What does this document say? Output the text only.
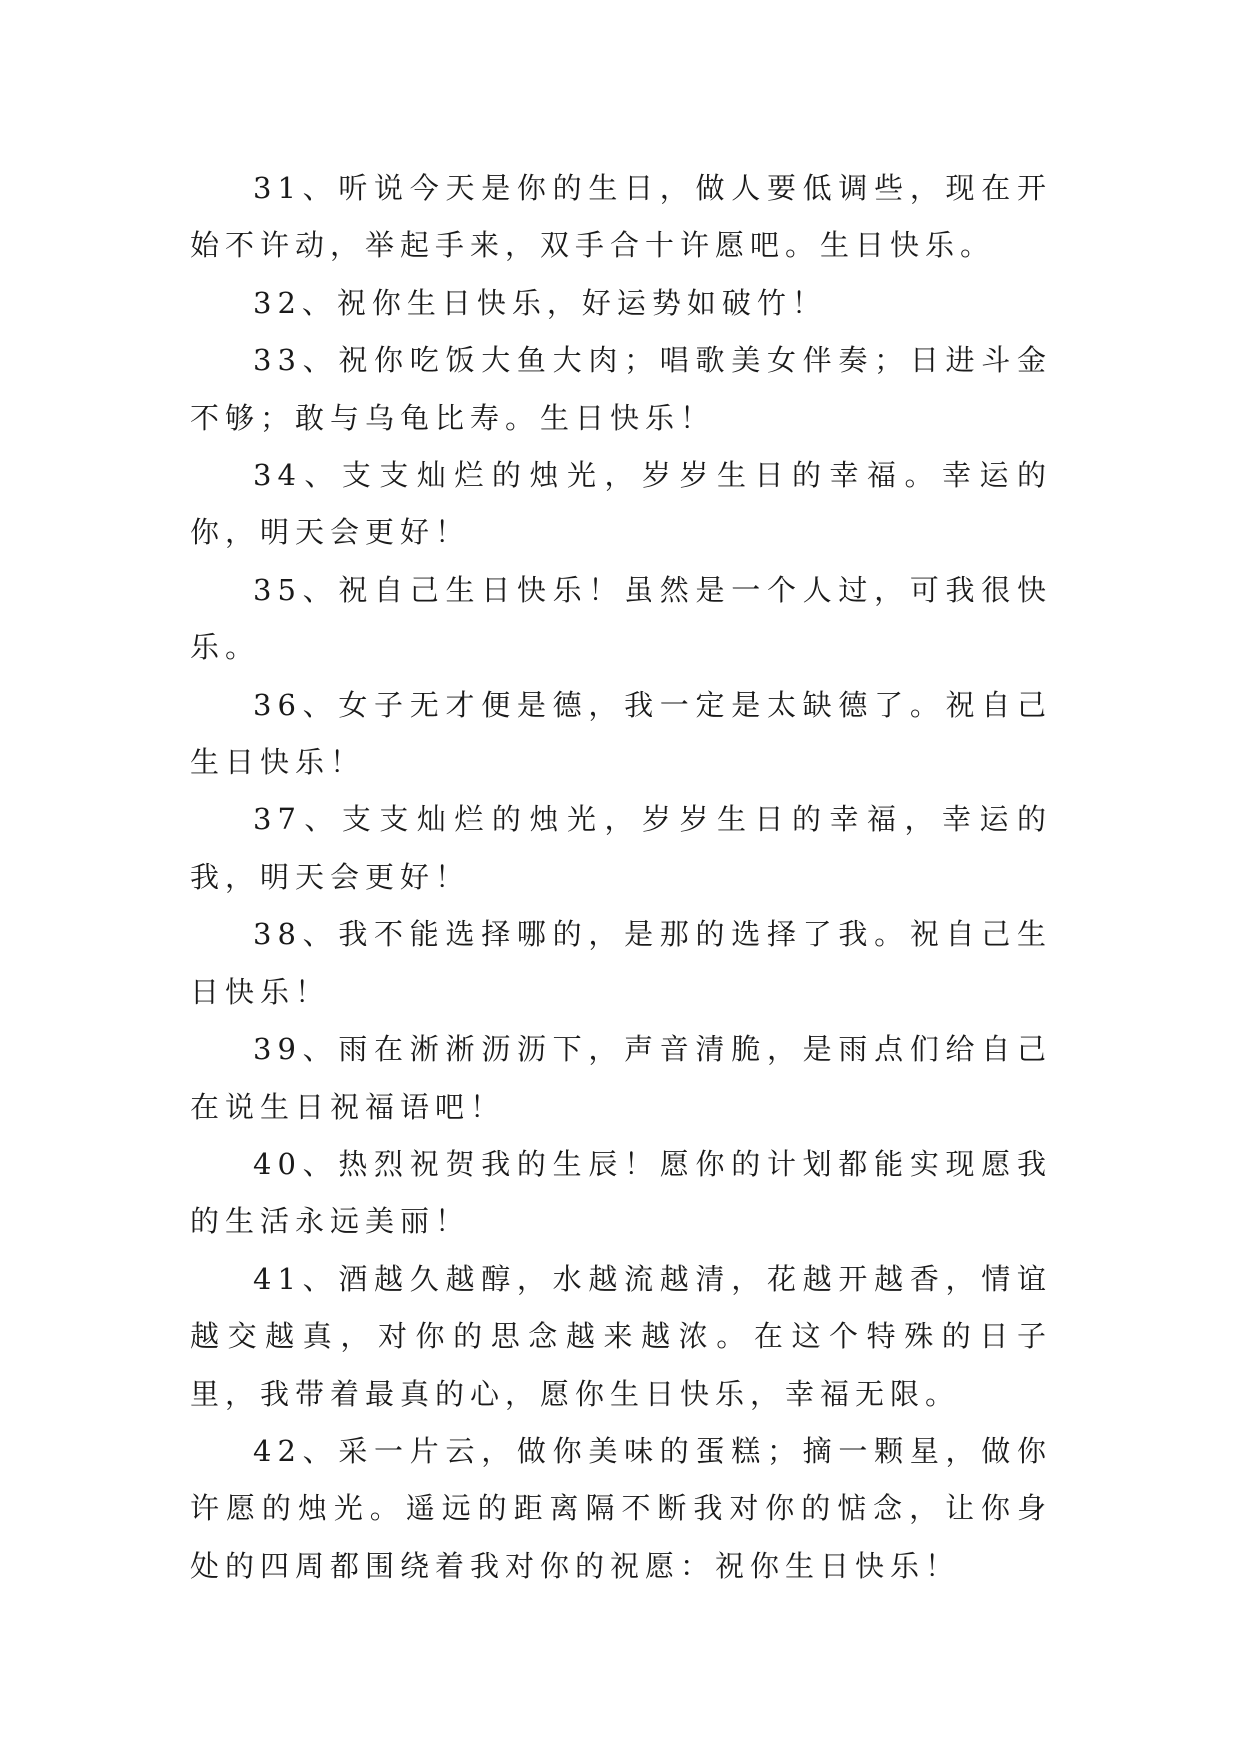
31、听说今天是你的生日，做人要低调些，现在开始不许动，举起手来，双手合十许愿吧。生日快乐。

32、祝你生日快乐，好运势如破竹！

33、祝你吃饭大鱼大肉；唱歌美女伴奏；日进斗金不够；敢与乌龟比寿。生日快乐！

34、支支灿烂的烛光，岁岁生日的幸福。幸运的你，明天会更好！

35、祝自己生日快乐！虽然是一个人过，可我很快乐。

36、女子无才便是德，我一定是太缺德了。祝自己生日快乐！

37、支支灿烂的烛光，岁岁生日的幸福，幸运的我，明天会更好！

38、我不能选择哪的，是那的选择了我。祝自己生日快乐！

39、雨在淅淅沥沥下，声音清脆，是雨点们给自己在说生日祝福语吧！

40、热烈祝贺我的生辰！愿你的计划都能实现愿我的生活永远美丽！

41、酒越久越醇，水越流越清，花越开越香，情谊越交越真，对你的思念越来越浓。在这个特殊的日子里，我带着最真的心，愿你生日快乐，幸福无限。

42、采一片云，做你美味的蛋糕；摘一颗星，做你许愿的烛光。遥远的距离隔不断我对你的惦念，让你身处的四周都围绕着我对你的祝愿：祝你生日快乐！
